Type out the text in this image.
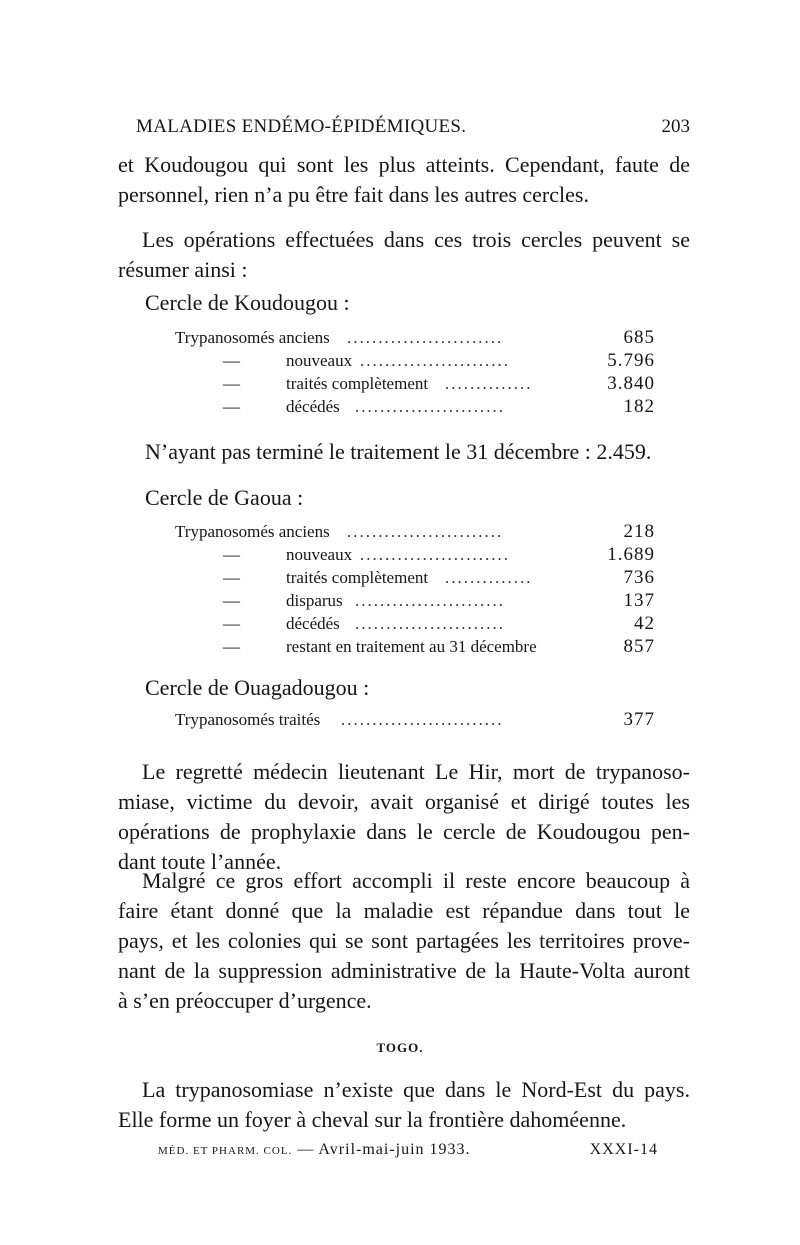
MALADIES ENDÉMO-ÉPIDÉMIQUES.	203
et Koudougou qui sont les plus atteints. Cependant, faute de
personnel, rien n’a pu être fait dans les autres cercles.
Les opérations effectuées dans ces trois cercles peuvent se
résumer ainsi :
Cercle de Koudougou :
Trypanosomés anciens .........................	685
—	nouveaux ........................	5.796
—	traités complètement ..............	3.840
—	décédés ........................	182
N’ayant pas terminé le traitement le 31 décembre : 2.459.
Cercle de Gaoua :
Trypanosomés anciens .........................	218
—	nouveaux ........................	1.689
—	traités complètement ..............	736
—	disparus ........................	137
—	décédés ........................	42
—	restant en traitement au 31 décembre	857
Cercle de Ouagadougou :
Trypanosomés traités ..........................	377
Le regretté médecin lieutenant Le Hir, mort de trypanoso-
miase, victime du devoir, avait organisé et dirigé toutes les
opérations de prophylaxie dans le cercle de Koudougou pen-
dant toute l’année.
Malgré ce gros effort accompli il reste encore beaucoup à
faire étant donné que la maladie est répandue dans tout le
pays, et les colonies qui se sont partagées les territoires prove-
nant de la suppression administrative de la Haute-Volta auront
à s’en préoccuper d’urgence.
TOGO.
La trypanosomiase n’existe que dans le Nord-Est du pays.
Elle forme un foyer à cheval sur la frontière dahoméenne.
MÉD. ET PHARM. COL. — Avril-mai-juin 1933.	XXXI-14
